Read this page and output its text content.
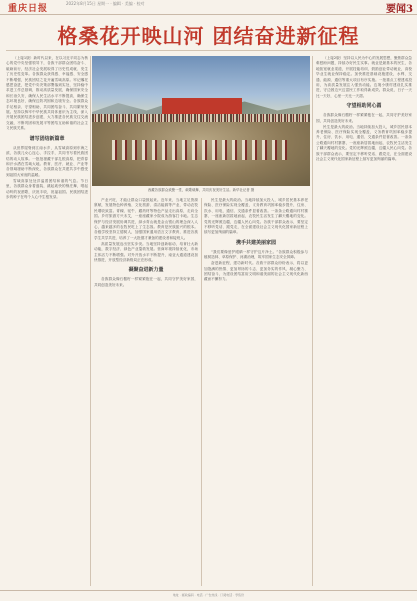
重庆日报
2022年8月15日 星期一 · 编辑 · 美编 · 校对
要闻3
格桑花开映山河 团结奋进新征程
西藏各族群众欢聚一堂，载歌载舞，共同庆祝美好生活。新华社记者 摄

（上接1版）新时代以来，在以习近平同志为核心的党中央坚强领导下，各族干部群众团结奋斗、砥砺前行，经济社会发展取得了历史性成就、发生了历史性变革。各族群众获得感、幸福感、安全感不断增强，民族团结之花开遍雪域高原。牢记嘱托感恩奋进，把党中央决策部署落到实处，坚持稳中求进工作总基调，推动高质量发展，确保国家安全和长治久安，确保人民生活水平不断提高，确保生态环境良好，确保边防巩固和边境安全。各族群众手足相亲、守望相助，共同团结奋斗、共同繁荣发展。坚持以铸牢中华民族共同体意识为主线，深入开展民族团结进步创建，大力推进各民族交往交流交融，不断巩固和发展平等团结互助和谐的社会主义民族关系。

谱写团结新篇章

从世界屋脊到江南水乡，从雪域高原到东海之滨，各族儿女心连心、手拉手，共同书写着民族团结的动人故事。一批批援藏干部扎根高原，把青春和汗水洒在雪域大地。教育、医疗、就业、产业等各领域援助不断深化，各族群众在共建共享中感受到祖国大家庭的温暖。

雪域高原处处洋溢着团结和谐的气息。节日里，各族群众身着盛装，跳起欢快的锅庄舞，唱起动听的祝酒歌，庆祝丰收，祝福祖国。民族团结进步的种子在每个人心中生根发芽。

产业兴旺，才能让群众口袋鼓起来。近年来，当地立足资源禀赋，发展特色种养殖、文化旅游、清洁能源等产业，带动农牧民增收致富。青稞、牦牛、藏药材等特色产品走出高原，走向全国。乡村旅游方兴未艾，一座座藏家小院成为游客打卡地。生态保护与经济发展协调共进，绿水青山就是金山银山的理念深入人心，越来越多的农牧民吃上了生态饭。教育是民族振兴的根本。各级学校坚持立德树人，加强国家通用语言文字教育，推进各族学生共学共进，培养了一大批德才兼备的建设者和接班人。

高质量发展迈出坚实步伐。当地坚持创新驱动，培育壮大新动能，数字经济、绿色产业蓬勃发展。营商环境持续优化，市场主体活力不断增强。对外开放水平不断提升，南亚大通道建设加快推进，开放型经济新格局正在形成。

凝聚奋进新力量

各族群众像石榴籽一样紧紧抱在一起，共同守护美好家园，共同创造美好未来。

民生是最大的政治。当地持续加大投入，城乡居民基本养老保险、医疗保险实现全覆盖，义务教育巩固率稳步提升，住房、饮水、用电、通信、交通条件显著改善。一条条公路通向村村寨寨，一座座新居拔地而起，农牧民生活发生了翻天覆地的变化。党的光辉照边疆，边疆人民心向党。各族干部群众表示，要坚定不移听党话、跟党走，在全面建设社会主义现代化国家新征程上续写更加绚丽的篇章。

携手共建美丽家园

“我们要像爱护眼睛一样守护这片净土。”各族群众积极参与植树造林、草原保护、河湖治理，筑牢国家生态安全屏障。

奋进新征程，建功新时代。各族干部群众纷纷表示，将以更加饱满的热情、更加昂扬的斗志、更加务实的作风，凝心聚力、团结奋斗，为建设团结富裕文明和谐美丽的社会主义现代化新西藏而不懈努力。

（上接2版）坚持以人民为中心的发展思想，聚焦群众急难愁盼问题，持续办好民生实事。就业是最基本的民生，各地拓宽就业渠道，开展技能培训，鼓励创业带动就业，高校毕业生就业保持稳定。加快推进基础设施建设，水利、交通、能源、通信等重大项目有序实施。一批重点工程建成投用，为高质量发展注入强劲动能。边境小康村建设扎实推进，守边固边兴边富民工作取得新成效。群众说，日子一天比一天好，心里一天比一天甜。

守望相助同心圆

各族群众像石榴籽一样紧紧抱在一起，共同守护美好家园，共同创造美好未来。

民生是最大的政治。当地持续加大投入，城乡居民基本养老保险、医疗保险实现全覆盖，义务教育巩固率稳步提升，住房、饮水、用电、通信、交通条件显著改善。一条条公路通向村村寨寨，一座座新居拔地而起，农牧民生活发生了翻天覆地的变化。党的光辉照边疆，边疆人民心向党。各族干部群众表示，要坚定不移听党话、跟党走，在全面建设社会主义现代化国家新征程上续写更加绚丽的篇章。

地址 · 邮政编码 · 电话 · 广告热线 · 订阅电话 · 零售价
